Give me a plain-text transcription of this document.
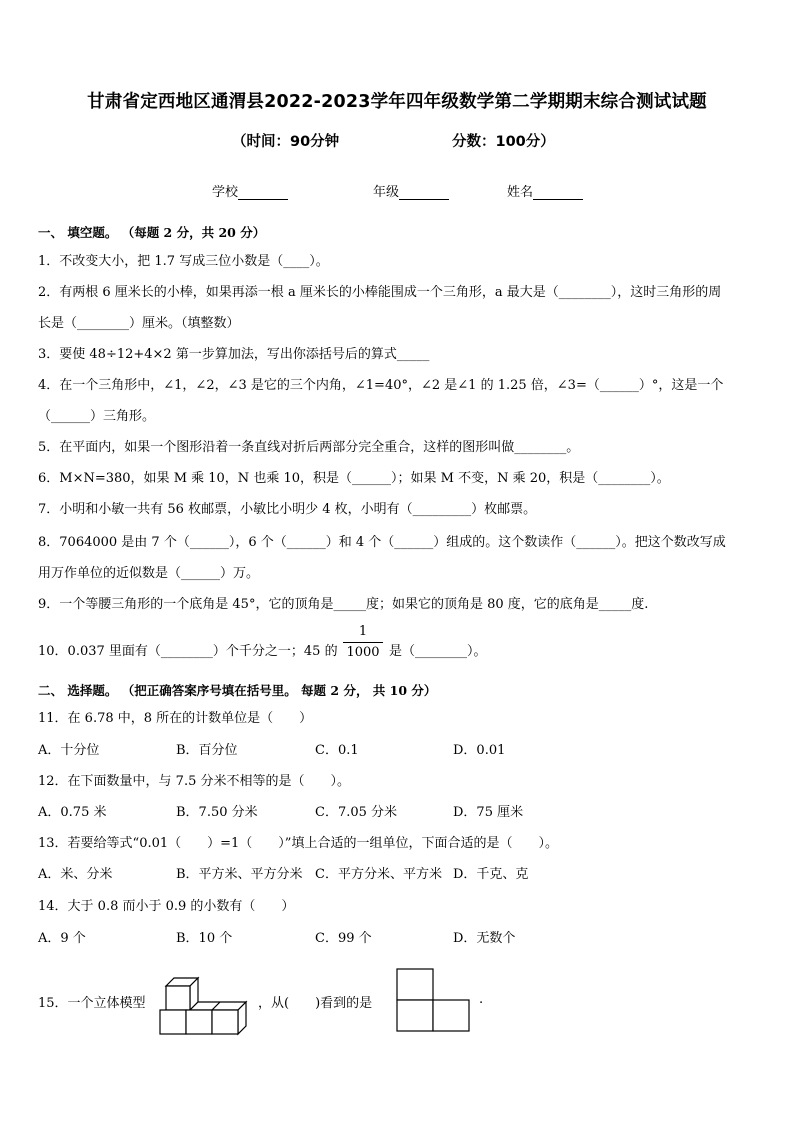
甘肃省定西地区通渭县2022-2023学年四年级数学第二学期期末综合测试试题
（时间：90分钟	分数：100分）
学校	年级	姓名
一、 填空题。 （每题 2 分，共 20 分）
1．不改变大小，把 1.7 写成三位小数是（____）。
2．有两根 6 厘米长的小棒，如果再添一根 a 厘米长的小棒能围成一个三角形，a 最大是（________），这时三角形的周
长是（________）厘米。（填整数）
3．要使 48÷12+4×2 第一步算加法，写出你添括号后的算式_____
4．在一个三角形中，∠1，∠2，∠3 是它的三个内角，∠1=40°，∠2 是∠1 的 1.25 倍，∠3=（______）°，这是一个
（______）三角形。
5．在平面内，如果一个图形沿着一条直线对折后两部分完全重合，这样的图形叫做________。
6．M×N=380，如果 M 乘 10，N 也乘 10，积是（______）；如果 M 不变，N 乘 20，积是（________）。
7．小明和小敏一共有 56 枚邮票，小敏比小明少 4 枚，小明有（_________）枚邮票。
8．7064000 是由 7 个（______），6 个（______）和 4 个（______）组成的。这个数读作（______）。把这个数改写成
用万作单位的近似数是（______）万。
9．一个等腰三角形的一个底角是 45°，它的顶角是_____度；如果它的顶角是 80 度，它的底角是_____度.
10．0.037 里面有（________）个千分之一；45 的
1
1000 是（________）。
二、 选择题。 （把正确答案序号填在括号里。 每题 2 分， 共 10 分）
11．在 6.78 中，8 所在的计数单位是（　　）
A．十分位	B．百分位	C．0.1	D．0.01
12．在下面数量中，与 7.5 分米不相等的是（　　）。
A．0.75 米	B．7.50 分米	C．7.05 分米	D．75 厘米
13．若要给等式“0.01（　　）=1（　　）”填上合适的一组单位，下面合适的是（　　）。
A．米、分米	B．平方米、平方分米 C．平方分米、平方米 D．千克、克
14．大于 0.8 而小于 0.9 的小数有（　　）
A．9 个	B．10 个	C．99 个	D．无数个
15．一个立体模型	，从(　　)看到的是	.
